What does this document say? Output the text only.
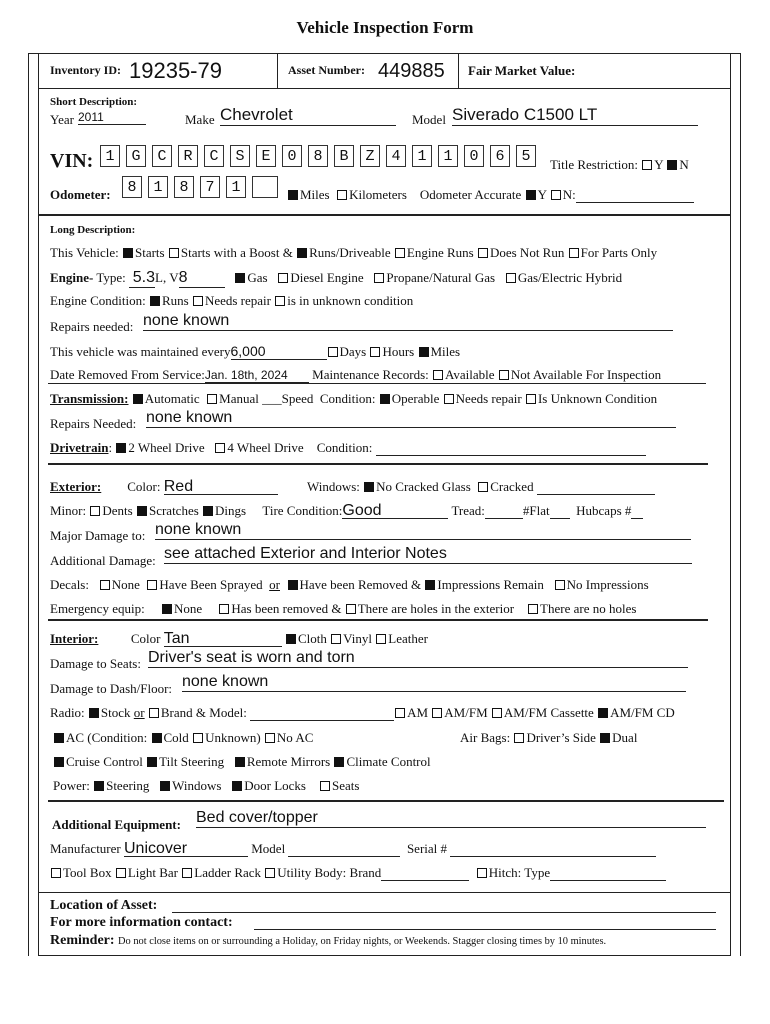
Vehicle Inspection Form
Inventory ID: 19235-79	Asset Number: 449885 Fair Market Value:
Short Description:
Year 2011	Make Chevrolet	Model Siverado C1500 LT
VIN: 1	G	C	R	C	S	E	0	8	B	Z	4	1	1	0	6	5	Title Restriction: Y N
Odometer:	8	1	8	7	1	Miles Kilometers Odometer Accurate Y N:
Long Description:
This Vehicle: Starts Starts with a Boost & Runs/Driveable Engine Runs Does Not Run For Parts Only
Engine- Type: 5.3L, V8	Gas Diesel Engine Propane/Natural Gas Gas/Electric Hybrid
Engine Condition: Runs Needs repair is in unknown condition
Repairs needed: none known
This vehicle was maintained every6,000	Days Hours Miles
Date Removed From Service:Jan. 18th, 2024 Maintenance Records: Available Not Available For Inspection
Transmission: Automatic Manual ___Speed Condition: Operable Needs repair Is Unknown Condition
Repairs Needed: none known
Drivetrain: 2 Wheel Drive 4 Wheel Drive Condition:
Exterior: Color: Red	Windows: No Cracked Glass Cracked
Minor: Dents Scratches Dings Tire Condition:Good	Tread:	#Flat Hubcaps #
Major Damage to: none known
Additional Damage: see attached Exterior and Interior Notes
Decals: None Have Been Sprayed or Have been Removed & Impressions Remain No Impressions
Emergency equip: None Has been removed & There are holes in the exterior There are no holes
Interior:	Color Tan	Cloth Vinyl Leather
Damage to Seats: Driver's seat is worn and torn
Damage to Dash/Floor: none known
Radio: Stock or Brand & Model:	AM AM/FM AM/FM Cassette AM/FM CD
AC (Condition: Cold Unknown) No AC	Air Bags: Driver’s Side Dual
Cruise Control Tilt Steering Remote Mirrors Climate Control
Power: Steering Windows Door Locks Seats
Additional Equipment: Bed cover/topper
Manufacturer Unicover	Model	Serial #
Tool Box Light Bar Ladder Rack Utility Body: Brand	Hitch: Type
Location of Asset:
For more information contact:
Reminder: Do not close items on or surrounding a Holiday, on Friday nights, or Weekends. Stagger closing times by 10 minutes.
